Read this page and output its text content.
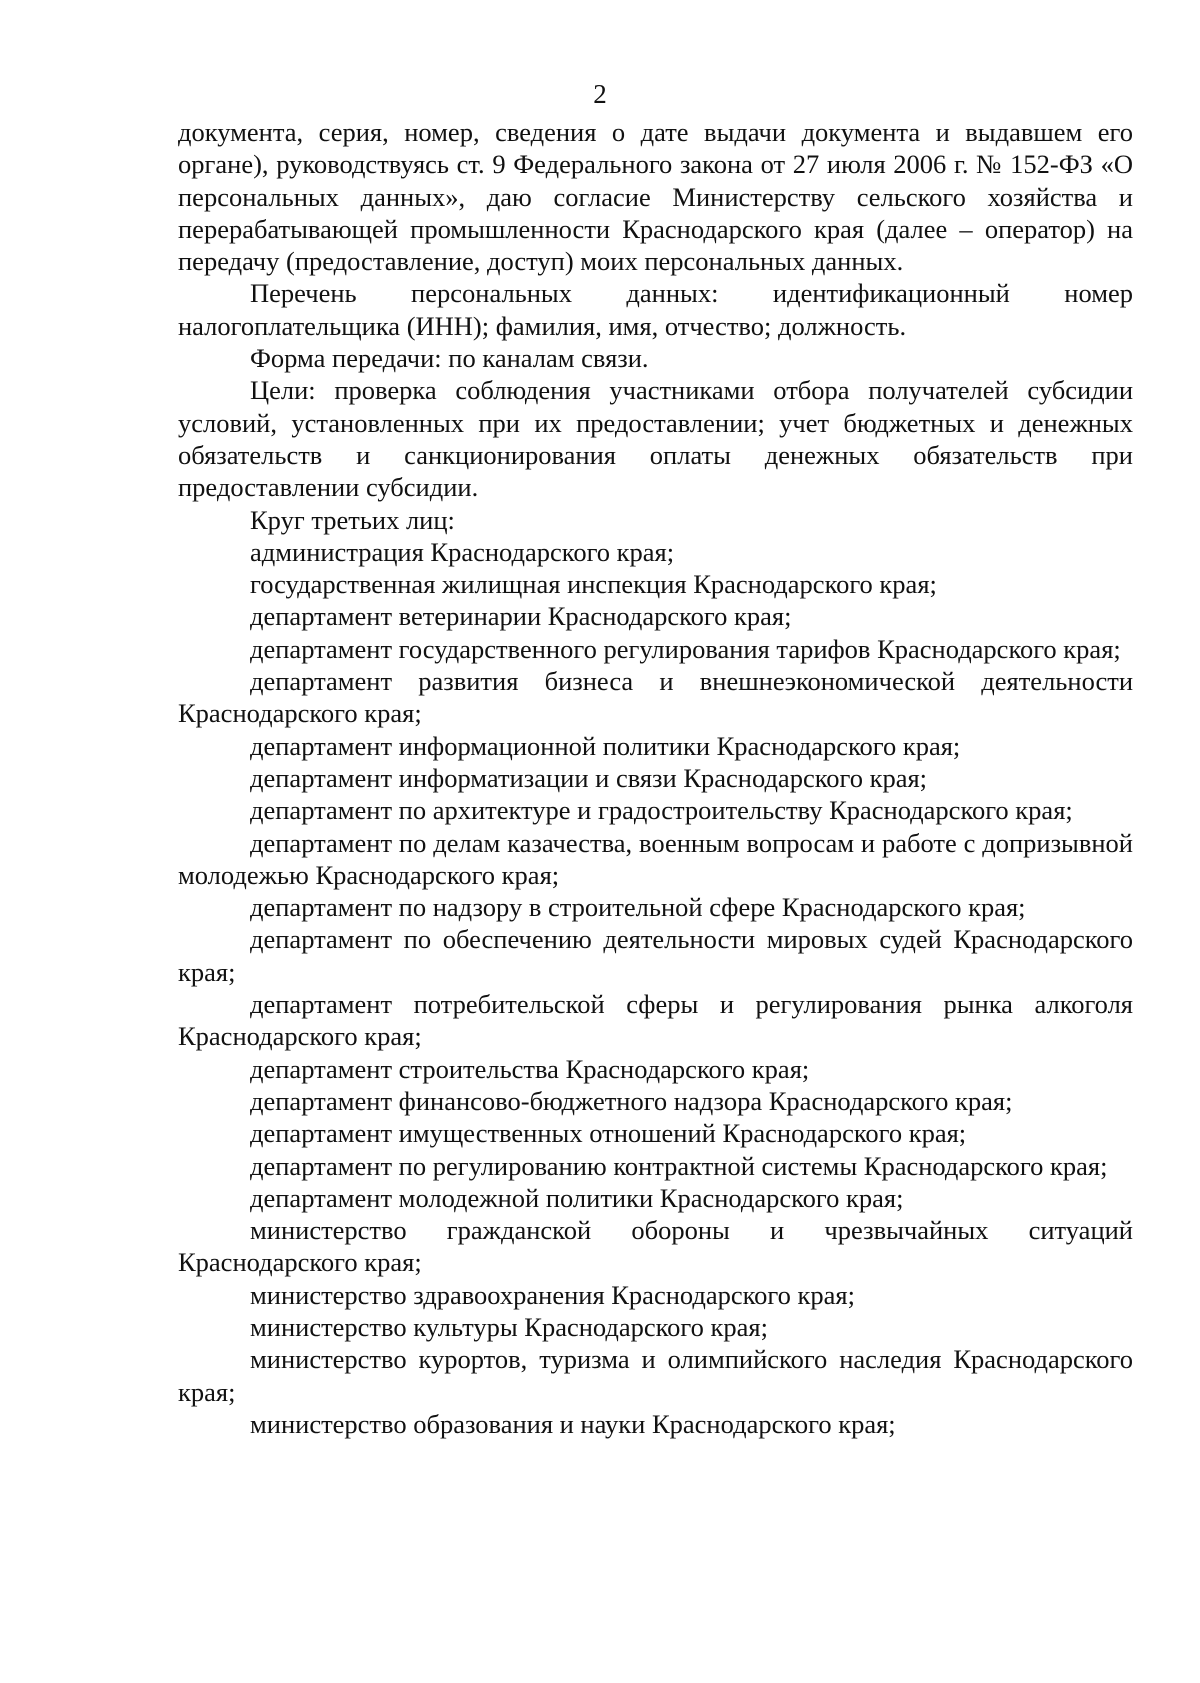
2

документа, серия, номер, сведения о дате выдачи документа и выдавшем его органе), руководствуясь ст. 9 Федерального закона от 27 июля 2006 г. № 152-ФЗ «О персональных данных», даю согласие Министерству сельского хозяйства и перерабатывающей промышленности Краснодарского края (далее – оператор) на передачу (предоставление, доступ) моих персональных данных.

Перечень персональных данных: идентификационный номер налогоплательщика (ИНН); фамилия, имя, отчество; должность.

Форма передачи: по каналам связи.

Цели: проверка соблюдения участниками отбора получателей субсидии условий, установленных при их предоставлении; учет бюджетных и денежных обязательств и санкционирования оплаты денежных обязательств при предоставлении субсидии.

Круг третьих лиц:

администрация Краснодарского края;

государственная жилищная инспекция Краснодарского края;

департамент ветеринарии Краснодарского края;

департамент государственного регулирования тарифов Краснодарского края;

департамент развития бизнеса и внешнеэкономической деятельности Краснодарского края;

департамент информационной политики Краснодарского края;

департамент информатизации и связи Краснодарского края;

департамент по архитектуре и градостроительству Краснодарского края;

департамент по делам казачества, военным вопросам и работе с допризывной молодежью Краснодарского края;

департамент по надзору в строительной сфере Краснодарского края;

департамент по обеспечению деятельности мировых судей Краснодарского края;

департамент потребительской сферы и регулирования рынка алкоголя Краснодарского края;

департамент строительства Краснодарского края;

департамент финансово-бюджетного надзора Краснодарского края;

департамент имущественных отношений Краснодарского края;

департамент по регулированию контрактной системы Краснодарского края;

департамент молодежной политики Краснодарского края;

министерство гражданской обороны и чрезвычайных ситуаций Краснодарского края;

министерство здравоохранения Краснодарского края;

министерство культуры Краснодарского края;

министерство курортов, туризма и олимпийского наследия Краснодарского края;

министерство образования и науки Краснодарского края;
